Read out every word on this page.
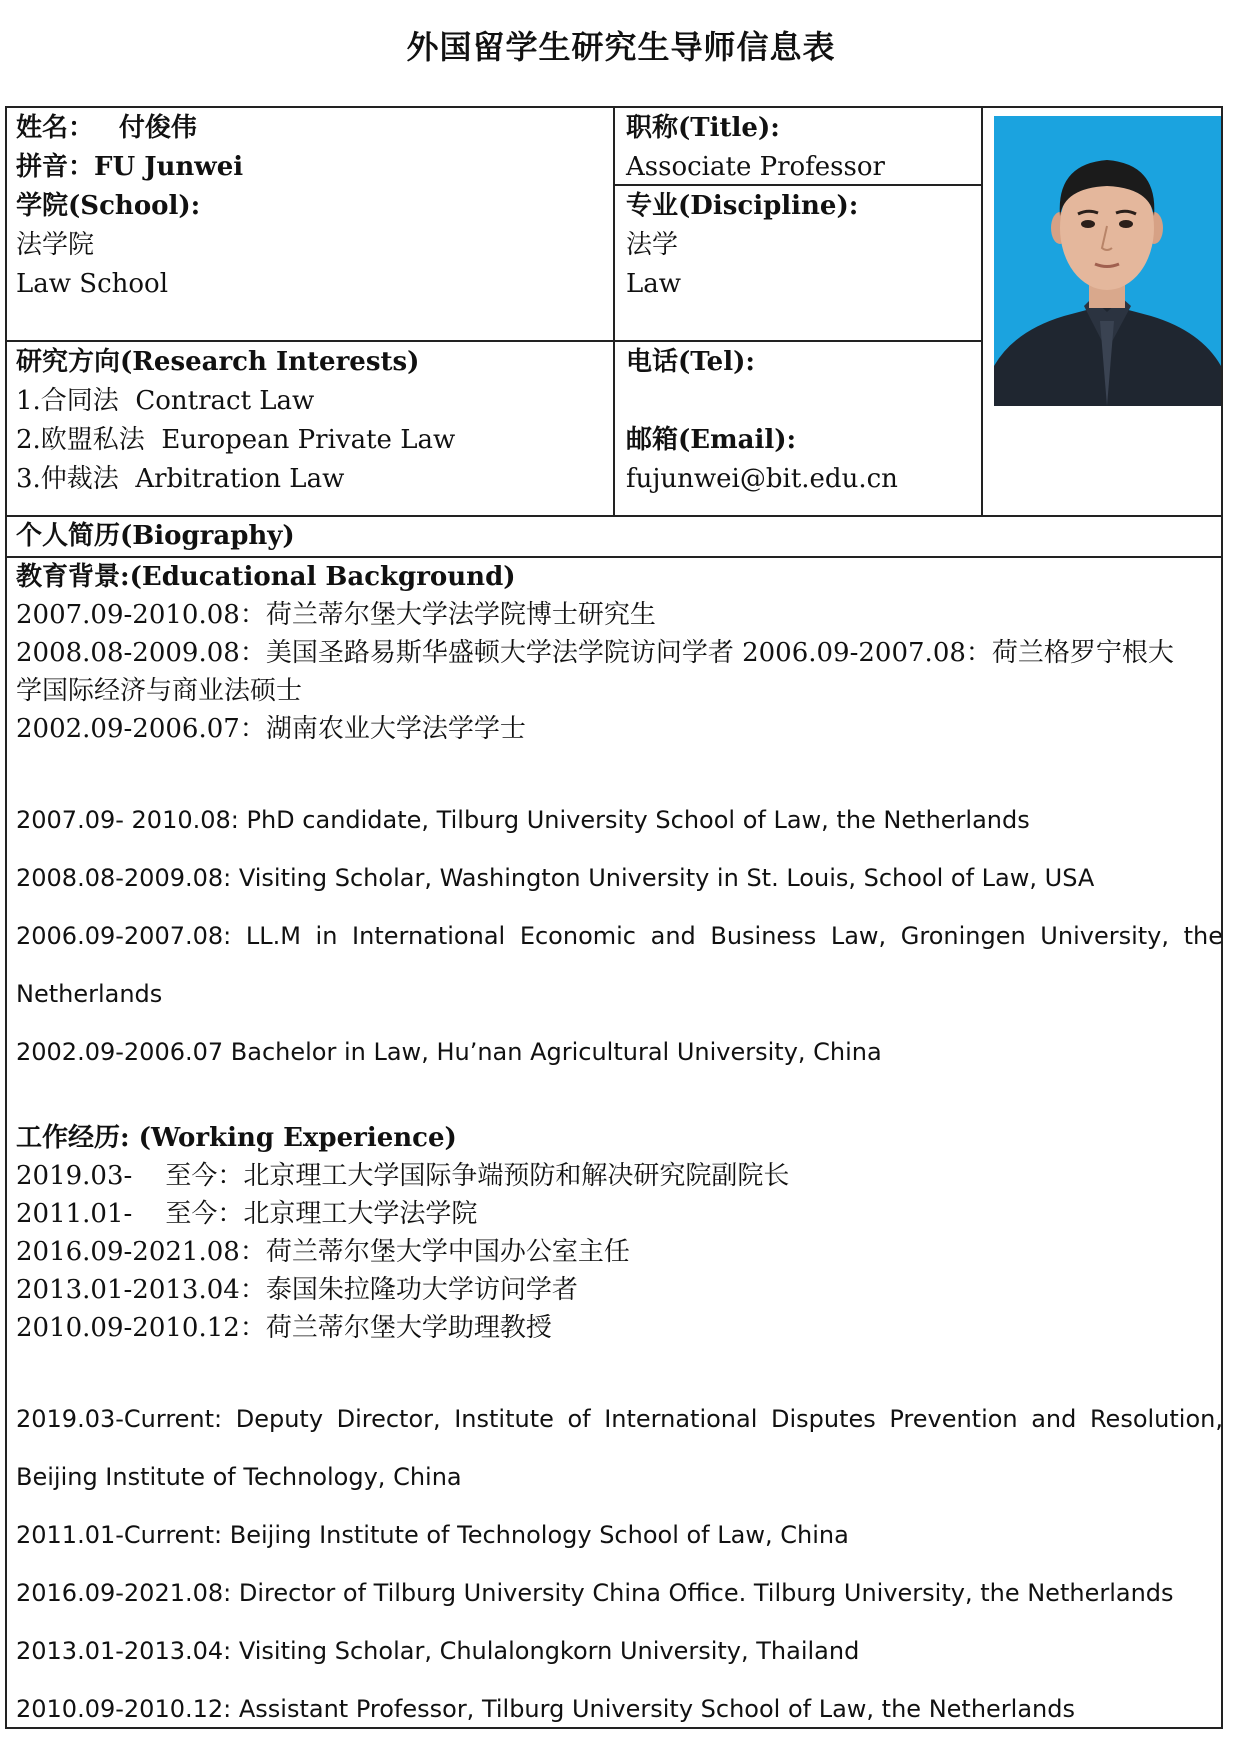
外国留学生研究生导师信息表
姓名： 付俊伟
拼音：FU Junwei
职称(Title):
Associate Professor
学院(School):
法学院
Law School
专业(Discipline):
法学
Law
研究方向(Research Interests)
1.合同法  Contract Law
2.欧盟私法  European Private Law
3.仲裁法  Arbitration Law
电话(Tel):
邮箱(Email):
fujunwei@bit.edu.cn
个人简历(Biography)
教育背景:(Educational Background)
2007.09-2010.08：荷兰蒂尔堡大学法学院博士研究生
2008.08-2009.08：美国圣路易斯华盛顿大学法学院访问学者 2006.09-2007.08：荷兰格罗宁根大
学国际经济与商业法硕士
2002.09-2006.07：湖南农业大学法学学士
2007.09- 2010.08: PhD candidate, Tilburg University School of Law, the Netherlands
2008.08-2009.08: Visiting Scholar, Washington University in St. Louis, School of Law, USA
2006.09-2007.08: LL.M in International Economic and Business Law, Groningen University, the Netherlands
2002.09-2006.07 Bachelor in Law, Hu’nan Agricultural University, China
工作经历: (Working Experience)
2019.03-    至今：北京理工大学国际争端预防和解决研究院副院长
2011.01-    至今：北京理工大学法学院
2016.09-2021.08：荷兰蒂尔堡大学中国办公室主任
2013.01-2013.04：泰国朱拉隆功大学访问学者
2010.09-2010.12：荷兰蒂尔堡大学助理教授
2019.03-Current: Deputy Director, Institute of International Disputes Prevention and Resolution, Beijing Institute of Technology, China
2011.01-Current: Beijing Institute of Technology School of Law, China
2016.09-2021.08: Director of Tilburg University China Office. Tilburg University, the Netherlands
2013.01-2013.04: Visiting Scholar, Chulalongkorn University, Thailand
2010.09-2010.12: Assistant Professor, Tilburg University School of Law, the Netherlands
